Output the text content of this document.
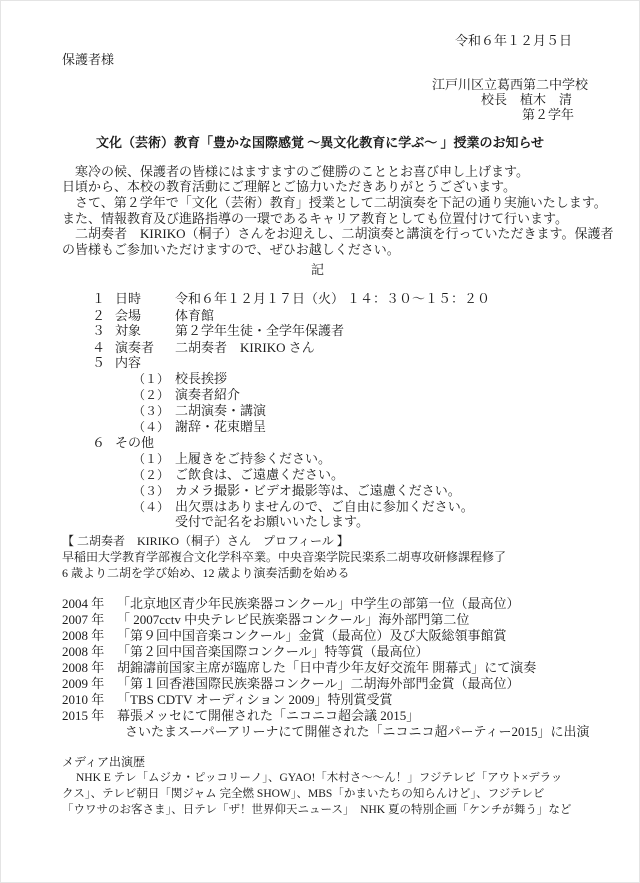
令和６年１２月５日
保護者様
江戸川区立葛西第二中学校
校長　植木　清
第２学年
文化（芸術）教育「豊かな国際感覚 ～異文化教育に学ぶ～ 」授業のお知らせ

寒冷の候、保護者の皆様にはますますのご健勝のこととお喜び申し上げます。

日頃から、本校の教育活動にご理解とご協力いただきありがとうございます。

さて、第２学年で「文化（芸術）教育」授業として二胡演奏を下記の通り実施いたします。

また、情報教育及び進路指導の一環であるキャリア教育としても位置付けて行います。

二胡奏者　KIRIKO（桐子）さんをお迎えし、二胡演奏と講演を行っていただきます。保護者

の皆様もご参加いただけますので、ぜひお越しください。

記
１ 日時	令和６年１２月１７日（火） １４：３０～１５：２０
２ 会場	体育館
３ 対象	第２学年生徒・全学年保護者
４ 演奏者 二胡奏者　KIRIKO さん
５ 内容
（１） 校長挨拶
（２） 演奏者紹介
（３） 二胡演奏・講演
（４） 謝辞・花束贈呈
６ その他
（１） 上履きをご持参ください。
（２） ご飲食は、ご遠慮ください。
（３） カメラ撮影・ビデオ撮影等は、ご遠慮ください。
（４） 出欠票はありませんので、ご自由に参加ください。
受付で記名をお願いいたします。
【 二胡奏者　KIRIKO（桐子）さん　プロフィール 】
早稲田大学教育学部複合文化学科卒業。中央音楽学院民楽系二胡専攻研修課程修了
6 歳より二胡を学び始め、12 歳より演奏活動を始める
2004 年 「北京地区青少年民族楽器コンクール」中学生の部第一位（最高位）
2007 年 「 2007cctv 中央テレビ民族楽器コンクール」海外部門第二位
2008 年 「第９回中国音楽コンクール」金賞（最高位）及び大阪総領事館賞
2008 年 「第２回中国音楽国際コンクール」特等賞（最高位）
2008 年 胡錦濤前国家主席が臨席した「日中青少年友好交流年 開幕式」にて演奏
2009 年 「第１回香港国際民族楽器コンクール」二胡海外部門金賞（最高位）
2010 年 「TBS CDTV オーディション 2009」特別賞受賞
2015 年 幕張メッセにて開催された「ニコニコ超会議 2015」
さいたまスーパーアリーナにて開催された「ニコニコ超パーティー2015」に出演
メディア出演歴
NHK E テレ「ムジカ・ピッコリーノ」、GYAO!「木村さ～～ん！」フジテレビ「アウト×デラッ
クス」、テレビ朝日「関ジャム 完全燃 SHOW」、MBS「かまいたちの知らんけど」、フジテレビ
「ウワサのお客さま」、日テレ「ザ！世界仰天ニュース」　NHK 夏の特別企画「ケンチが舞う」など
